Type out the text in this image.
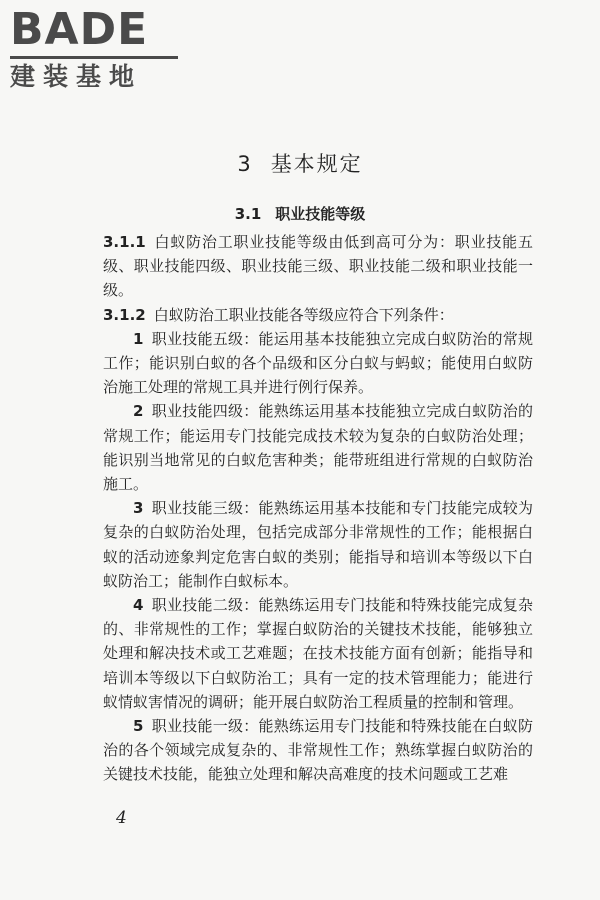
BADE
建装基地
3 基本规定
3.1 职业技能等级

3.1.1 白蚁防治工职业技能等级由低到高可分为：职业技能五级、职业技能四级、职业技能三级、职业技能二级和职业技能一级。

3.1.2 白蚁防治工职业技能各等级应符合下列条件：

1 职业技能五级：能运用基本技能独立完成白蚁防治的常规工作；能识别白蚁的各个品级和区分白蚁与蚂蚁；能使用白蚁防治施工处理的常规工具并进行例行保养。

2 职业技能四级：能熟练运用基本技能独立完成白蚁防治的常规工作；能运用专门技能完成技术较为复杂的白蚁防治处理；能识别当地常见的白蚁危害种类；能带班组进行常规的白蚁防治施工。

3 职业技能三级：能熟练运用基本技能和专门技能完成较为复杂的白蚁防治处理，包括完成部分非常规性的工作；能根据白蚁的活动迹象判定危害白蚁的类别；能指导和培训本等级以下白蚁防治工；能制作白蚁标本。

4 职业技能二级：能熟练运用专门技能和特殊技能完成复杂的、非常规性的工作；掌握白蚁防治的关键技术技能，能够独立处理和解决技术或工艺难题；在技术技能方面有创新；能指导和培训本等级以下白蚁防治工；具有一定的技术管理能力；能进行蚁情蚁害情况的调研；能开展白蚁防治工程质量的控制和管理。

5 职业技能一级：能熟练运用专门技能和特殊技能在白蚁防治的各个领域完成复杂的、非常规性工作；熟练掌握白蚁防治的关键技术技能，能独立处理和解决高难度的技术问题或工艺难

4
